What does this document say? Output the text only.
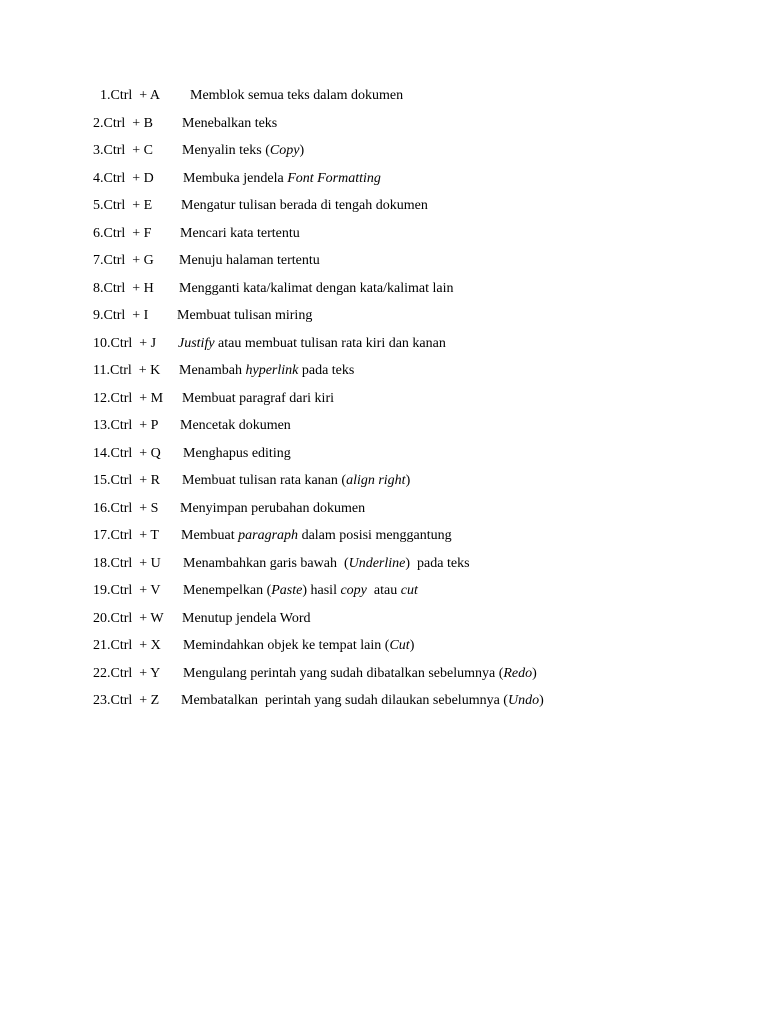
1.Ctrl  + A Memblok semua teks dalam dokumen
2.Ctrl  + B Menebalkan teks
3.Ctrl  + C Menyalin teks (Copy)
4.Ctrl  + D Membuka jendela Font Formatting
5.Ctrl  + E Mengatur tulisan berada di tengah dokumen
6.Ctrl  + F Mencari kata tertentu
7.Ctrl  + G Menuju halaman tertentu
8.Ctrl  + H Mengganti kata/kalimat dengan kata/kalimat lain
9.Ctrl  + I Membuat tulisan miring
10.Ctrl  + J Justify atau membuat tulisan rata kiri dan kanan
11.Ctrl  + K Menambah hyperlink pada teks
12.Ctrl  + M Membuat paragraf dari kiri
13.Ctrl  + P Mencetak dokumen
14.Ctrl  + Q Menghapus editing
15.Ctrl  + R Membuat tulisan rata kanan (align right)
16.Ctrl  + S Menyimpan perubahan dokumen
17.Ctrl  + T Membuat paragraph dalam posisi menggantung
18.Ctrl  + U Menambahkan garis bawah  (Underline)  pada teks
19.Ctrl  + V Menempelkan (Paste) hasil copy  atau cut
20.Ctrl  + W Menutup jendela Word
21.Ctrl  + X Memindahkan objek ke tempat lain (Cut)
22.Ctrl  + Y Mengulang perintah yang sudah dibatalkan sebelumnya (Redo)
23.Ctrl  + Z Membatalkan  perintah yang sudah dilaukan sebelumnya (Undo)
